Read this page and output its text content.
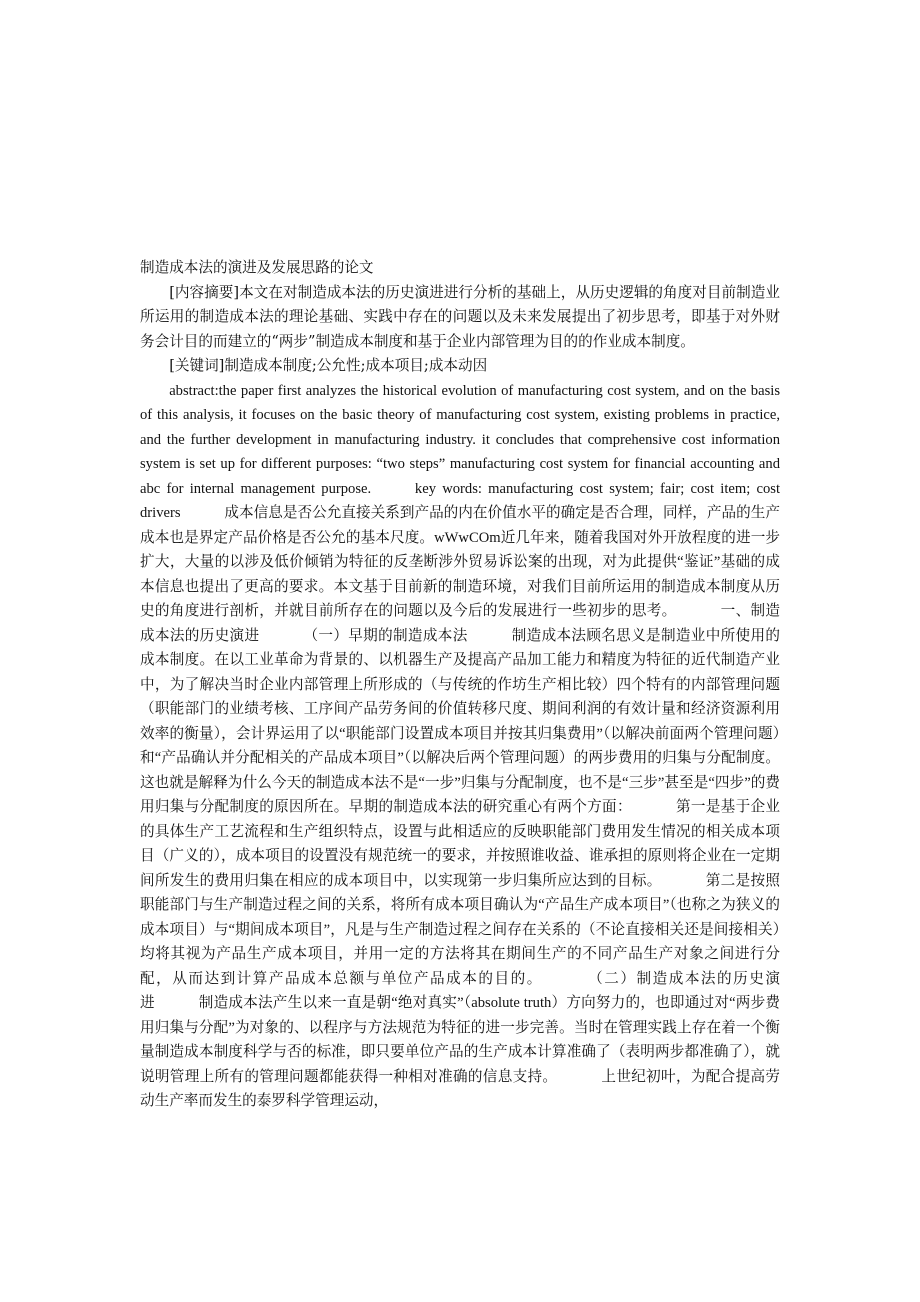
制造成本法的演进及发展思路的论文

[内容摘要]本文在对制造成本法的历史演进进行分析的基础上，从历史逻辑的角度对目前制造业所运用的制造成本法的理论基础、实践中存在的问题以及未来发展提出了初步思考，即基于对外财务会计目的而建立的“两步”制造成本制度和基于企业内部管理为目的的作业成本制度。

[关键词]制造成本制度;公允性;成本项目;成本动因

abstract:the paper first analyzes the historical evolution of manufacturing cost system, and on the basis of this analysis, it focuses on the basic theory of manufacturing cost system, existing problems in practice, and the further development in manufacturing industry. it concludes that comprehensive cost information system is set up for different purposes: “two steps” manufacturing cost system for financial accounting and abc for internal management purpose.   	key words: manufacturing cost system; fair; cost item; cost drivers   	成本信息是否公允直接关系到产品的内在价值水平的确定是否合理，同样，产品的生产成本也是界定产品价格是否公允的基本尺度。wWwCOm近几年来，随着我国对外开放程度的进一步扩大，大量的以涉及低价倾销为特征的反垄断涉外贸易诉讼案的出现，对为此提供“鉴证”基础的成本信息也提出了更高的要求。本文基于目前新的制造环境，对我们目前所运用的制造成本制度从历史的角度进行剖析，并就目前所存在的问题以及今后的发展进行一些初步的思考。   	一、制造成本法的历史演进   	（一）早期的制造成本法   	制造成本法顾名思义是制造业中所使用的成本制度。在以工业革命为背景的、以机器生产及提高产品加工能力和精度为特征的近代制造产业中，为了解决当时企业内部管理上所形成的（与传统的作坊生产相比较）四个特有的内部管理问题（职能部门的业绩考核、工序间产品劳务间的价值转移尺度、期间利润的有效计量和经济资源利用效率的衡量），会计界运用了以“职能部门设置成本项目并按其归集费用”（以解决前面两个管理问题）和“产品确认并分配相关的产品成本项目”（以解决后两个管理问题）的两步费用的归集与分配制度。这也就是解释为什么今天的制造成本法不是“一步”归集与分配制度，也不是“三步”甚至是“四步”的费用归集与分配制度的原因所在。早期的制造成本法的研究重心有两个方面：   	第一是基于企业的具体生产工艺流程和生产组织特点，设置与此相适应的反映职能部门费用发生情况的相关成本项目（广义的），成本项目的设置没有规范统一的要求，并按照谁收益、谁承担的原则将企业在一定期间所发生的费用归集在相应的成本项目中，以实现第一步归集所应达到的目标。   	第二是按照职能部门与生产制造过程之间的关系，将所有成本项目确认为“产品生产成本项目”（也称之为狭义的成本项目）与“期间成本项目”，凡是与生产制造过程之间存在关系的（不论直接相关还是间接相关）均将其视为产品生产成本项目，并用一定的方法将其在期间生产的不同产品生产对象之间进行分配，从而达到计算产品成本总额与单位产品成本的目的。   	（二）制造成本法的历史演进   	制造成本法产生以来一直是朝“绝对真实”（absolute truth）方向努力的，也即通过对“两步费用归集与分配”为对象的、以程序与方法规范为特征的进一步完善。当时在管理实践上存在着一个衡量制造成本制度科学与否的标准，即只要单位产品的生产成本计算准确了（表明两步都准确了），就说明管理上所有的管理问题都能获得一种相对准确的信息支持。   	上世纪初叶，为配合提高劳动生产率而发生的泰罗科学管理运动，
